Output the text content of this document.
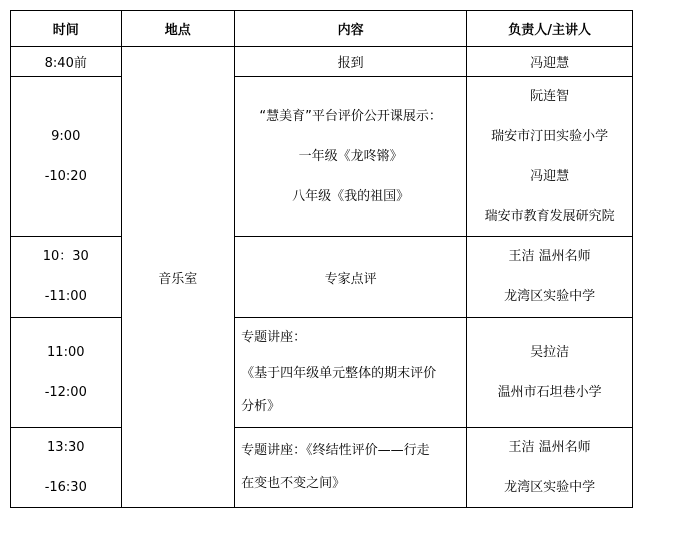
时间	地点	内容	负责人/主讲人
8:40前	音乐室	报到	冯迎慧

9:00
-10:20		“慧美育”平台评价公开课展示：
一年级《龙咚锵》
八年级《我的祖国》	阮连智
瑞安市汀田实验小学
冯迎慧
瑞安市教育发展研究院

10：30
-11:00		专家点评	王洁 温州名师
龙湾区实验中学

11:00
-12:00		专题讲座：
《基于四年级单元整体的期末评价
分析》	吴拉洁
温州市石坦巷小学

13:30
-16:30		专题讲座：《终结性评价——行走
在变也不变之间》	王洁 温州名师
龙湾区实验中学
